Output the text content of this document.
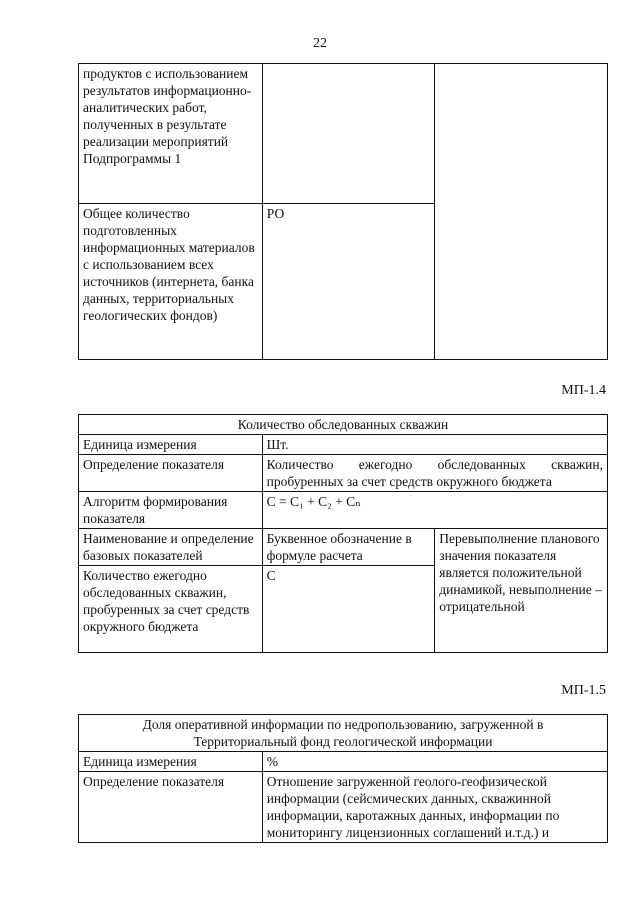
22
продуктов с использованием результатов информационно-аналитических работ, полученных в результате реализации мероприятий Подпрограммы 1		
Общее количество подготовленных информационных материалов с использованием всех источников (интернета, банка данных, территориальных геологических фондов)	РО	
МП-1.4
Количество обследованных скважин		
Единица измерения	Шт.	
Определение показателя	Количество ежегодно обследованных скважин, пробуренных за счет средств окружного бюджета	
Алгоритм формирования показателя	С = С₁ + С₂ + Сₙ	
Наименование и определение базовых показателей	Буквенное обозначение в формуле расчета	Перевыполнение планового значения показателя является положительной динамикой, невыполнение – отрицательной
Количество ежегодно обследованных скважин, пробуренных за счет средств окружного бюджета	С	
МП-1.5
Доля оперативной информации по недропользованию, загруженной в Территориальный фонд геологической информации	
Единица измерения	%
Определение показателя	Отношение загруженной геолого-геофизической информации (сейсмических данных, скважинной информации, каротажных данных, информации по мониторингу лицензионных соглашений и.т.д.) и
